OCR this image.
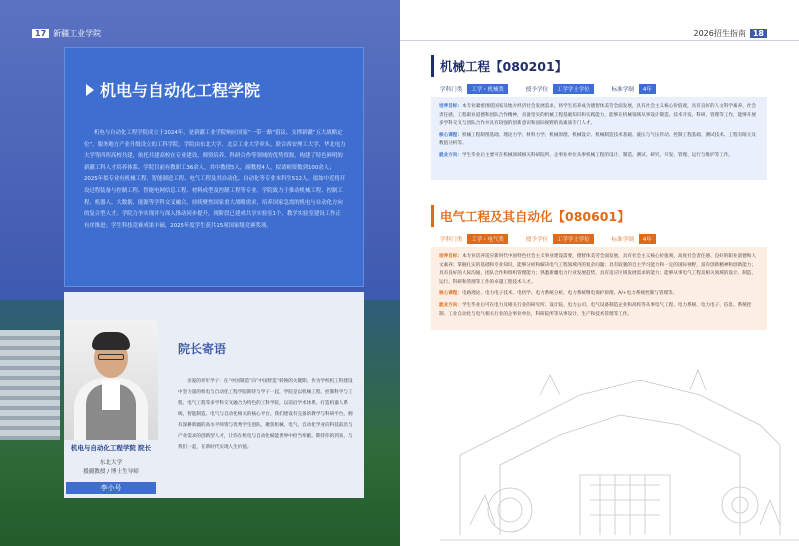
17 新疆工业学院	2026招生指南 18
机电与自动化工程学院
机电与自动化工程学院成立于2024年，是新疆工业学院响应国家“一带一路”倡议、支撑新疆“五大战略定位”，服务地方产业升级设立的工科学院。学院由东北大学、北京工业大学牵头，联合西安理工大学、华北电力大学等四所高校共建，依托共建高校在专业建设、师资培养、科研合作等领域的优势资源，构建了特色鲜明的新疆工科人才培养体系。学院目前有教职工36余人，其中教授5人，副教授4人，拟请师资数到100余人；2025年拟专业有机械工程、智能制造工程、电气工程及其自动化、自动化等专业本科生512人。拟如中近将开设过程装备与控制工程、智能电网信息工程、材料成型及控制工程等专业。学院致力于推动机械工程、控制工程、机器人、大数据、能源等学科交叉融合，持续聚焦国家重大战略需求，培养国家急需的机电与自动化方向的复合型人才。学院力争实现并与深入推动同步提升，现阶段已建成共享实验室1个、教学实验室建设工作正有序推进；学生科技竞赛成果丰硕，2025年度学生获共15项国家级竞赛奖项。
机电与自动化工程学院 院长
东北大学
援疆教授 / 博士生导师
李小号
院长寄语
亲爱的青年学子：在“中国制造”向“中国智造”转换的关键期，作为学校机工科建设中坚力量的机电与自动化工程学院期待与学子一起，学院是以机械工程、控制科学与工程、电气工程等多学科交叉融合为特色的工科学院，以前沿学术体系，打造机器人系统、智能制造、电气与自动化相关的核心平台。我们建设有完备的教学与科研平台，拥有深耕新疆的高水平师资与优秀学生团队，聚焦机械、电气、自动化学业向科技前沿与产业需求的创新型人才，让你在机电与自动化赋能世界中担当奉献。期待你的到来，与我们一起，在新时代实现人生价值。
机械工程【080201】
学科门类	工学・机械类	授予学位	工学学士学位	标准学制	4年

培养目标：本专业紧密围绕国家及地方经济社会发展需求，将学生培养成为德智体美劳全面发展，具有社会主义核心价值观，具有良好的人文科学素养，社会责任感，工程职业道德和团队合作精神，具备坚实的机械工程基础知识和实践能力，能够在机械领域从事设计制造、技术开发、科研、管理等工作，能够开展多学科交叉与团队合作并具有较强的创新意识和国际视野的高素质专门人才。

核心课程：机械工程制图基础、理论力学、材料力学、机械原理、机械设计、机械制造技术基础、液压与气压传动、控制工程基础、测试技术、工程有限元及数值分析等。

就业方向：学生毕业后主要可在机械领域相关科研院所、企事业单位从事机械工程的设计、制造、测试、研究、开发、管理、运行与维护等工作。

电气工程及其自动化【080601】
学科门类	工学・电气类	授予学位	工学学士学位	标准学制	4年

培养目标：本专业培养适应新时代中国特色社会主义事业建设需要，德智体美劳全面发展，具有社会主义核心价值观、高度社会责任感、良好的职业道德和人文素养；掌握扎实的基础和专业知识，能够分析和解决电气工程领域内的复杂问题；具有较强的自主学习能力和一定的国际视野，富有创新精神和创新能力；具有良好的人际沟通、团队合作和组织管理能力；熟悉新疆电力行业发展趋势，具有适应区域发展需求的能力；能够从事电气工程及相关领域的设计、制造、运行、科研和管理等工作的卓越工程技术人才。

核心课程：电路理论、电力电子技术、电机学、电力系统分析、电力系统继电保护原理、A/+电力系统控制与管理等。

就业方向：学生毕业后可在电力及相关行业的研究所、设计院、电力公司、电气设备制造企业和高校等从事电气工程、电力系统、电力电子、信息、系统控制、工业自动化与电气相关行业的企事业单位，科研院所等从事设计、生产和技术管理等工作。
